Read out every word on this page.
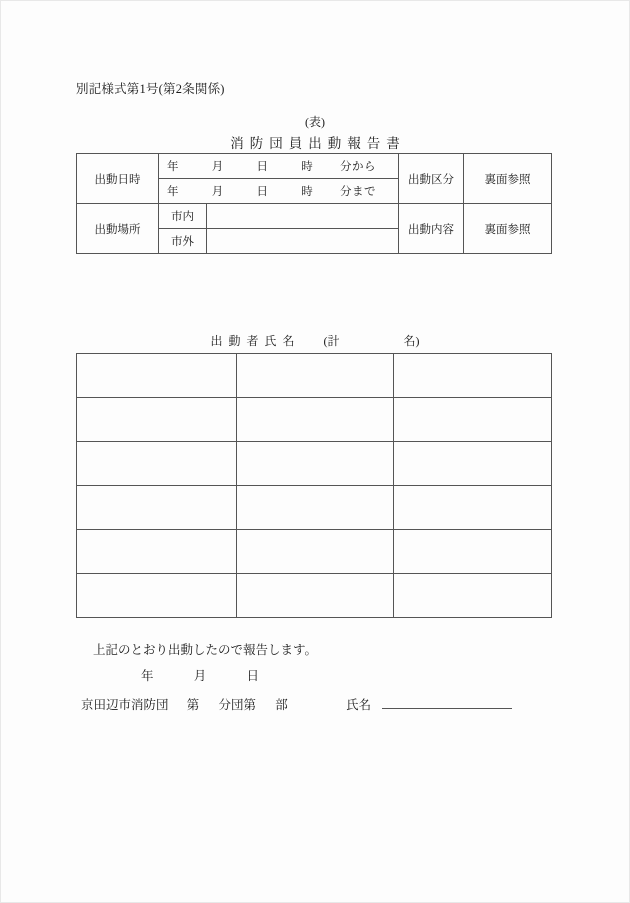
別記様式第1号(第2条関係)
(表)
消防団員出動報告書
出動日時	年 月 日 時 分から		出動区分	裏面参照
	年 月 日 時 分まで			
出動場所	市内		出動内容	裏面参照
	市外			
出動者氏名 (計	名)

上記のとおり出動したので報告します。
年	月	日
京田辺市消防団 第 分団第 部	氏名
